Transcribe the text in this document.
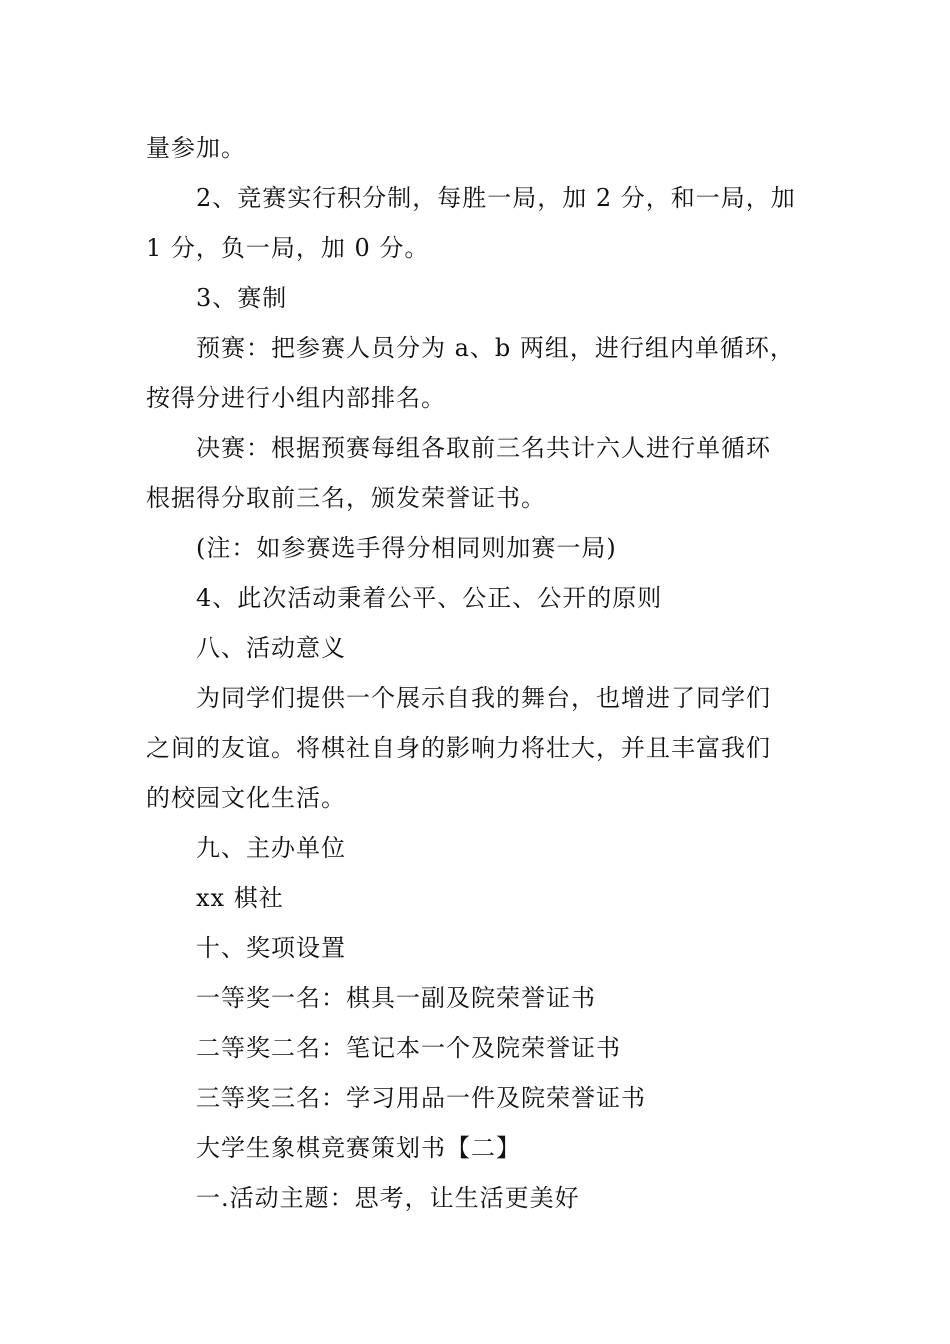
量参加。
2、竞赛实行积分制，每胜一局，加 2 分，和一局，加
1 分，负一局，加 0 分。
3、赛制
预赛：把参赛人员分为 a、b 两组，进行组内单循环，
按得分进行小组内部排名。
决赛：根据预赛每组各取前三名共计六人进行单循环
根据得分取前三名，颁发荣誉证书。
(注：如参赛选手得分相同则加赛一局)
4、此次活动秉着公平、公正、公开的原则
八、活动意义
为同学们提供一个展示自我的舞台，也增进了同学们
之间的友谊。将棋社自身的影响力将壮大，并且丰富我们
的校园文化生活。
九、主办单位
xx 棋社
十、奖项设置
一等奖一名：棋具一副及院荣誉证书
二等奖二名：笔记本一个及院荣誉证书
三等奖三名：学习用品一件及院荣誉证书
大学生象棋竞赛策划书【二】
一.活动主题：思考，让生活更美好
